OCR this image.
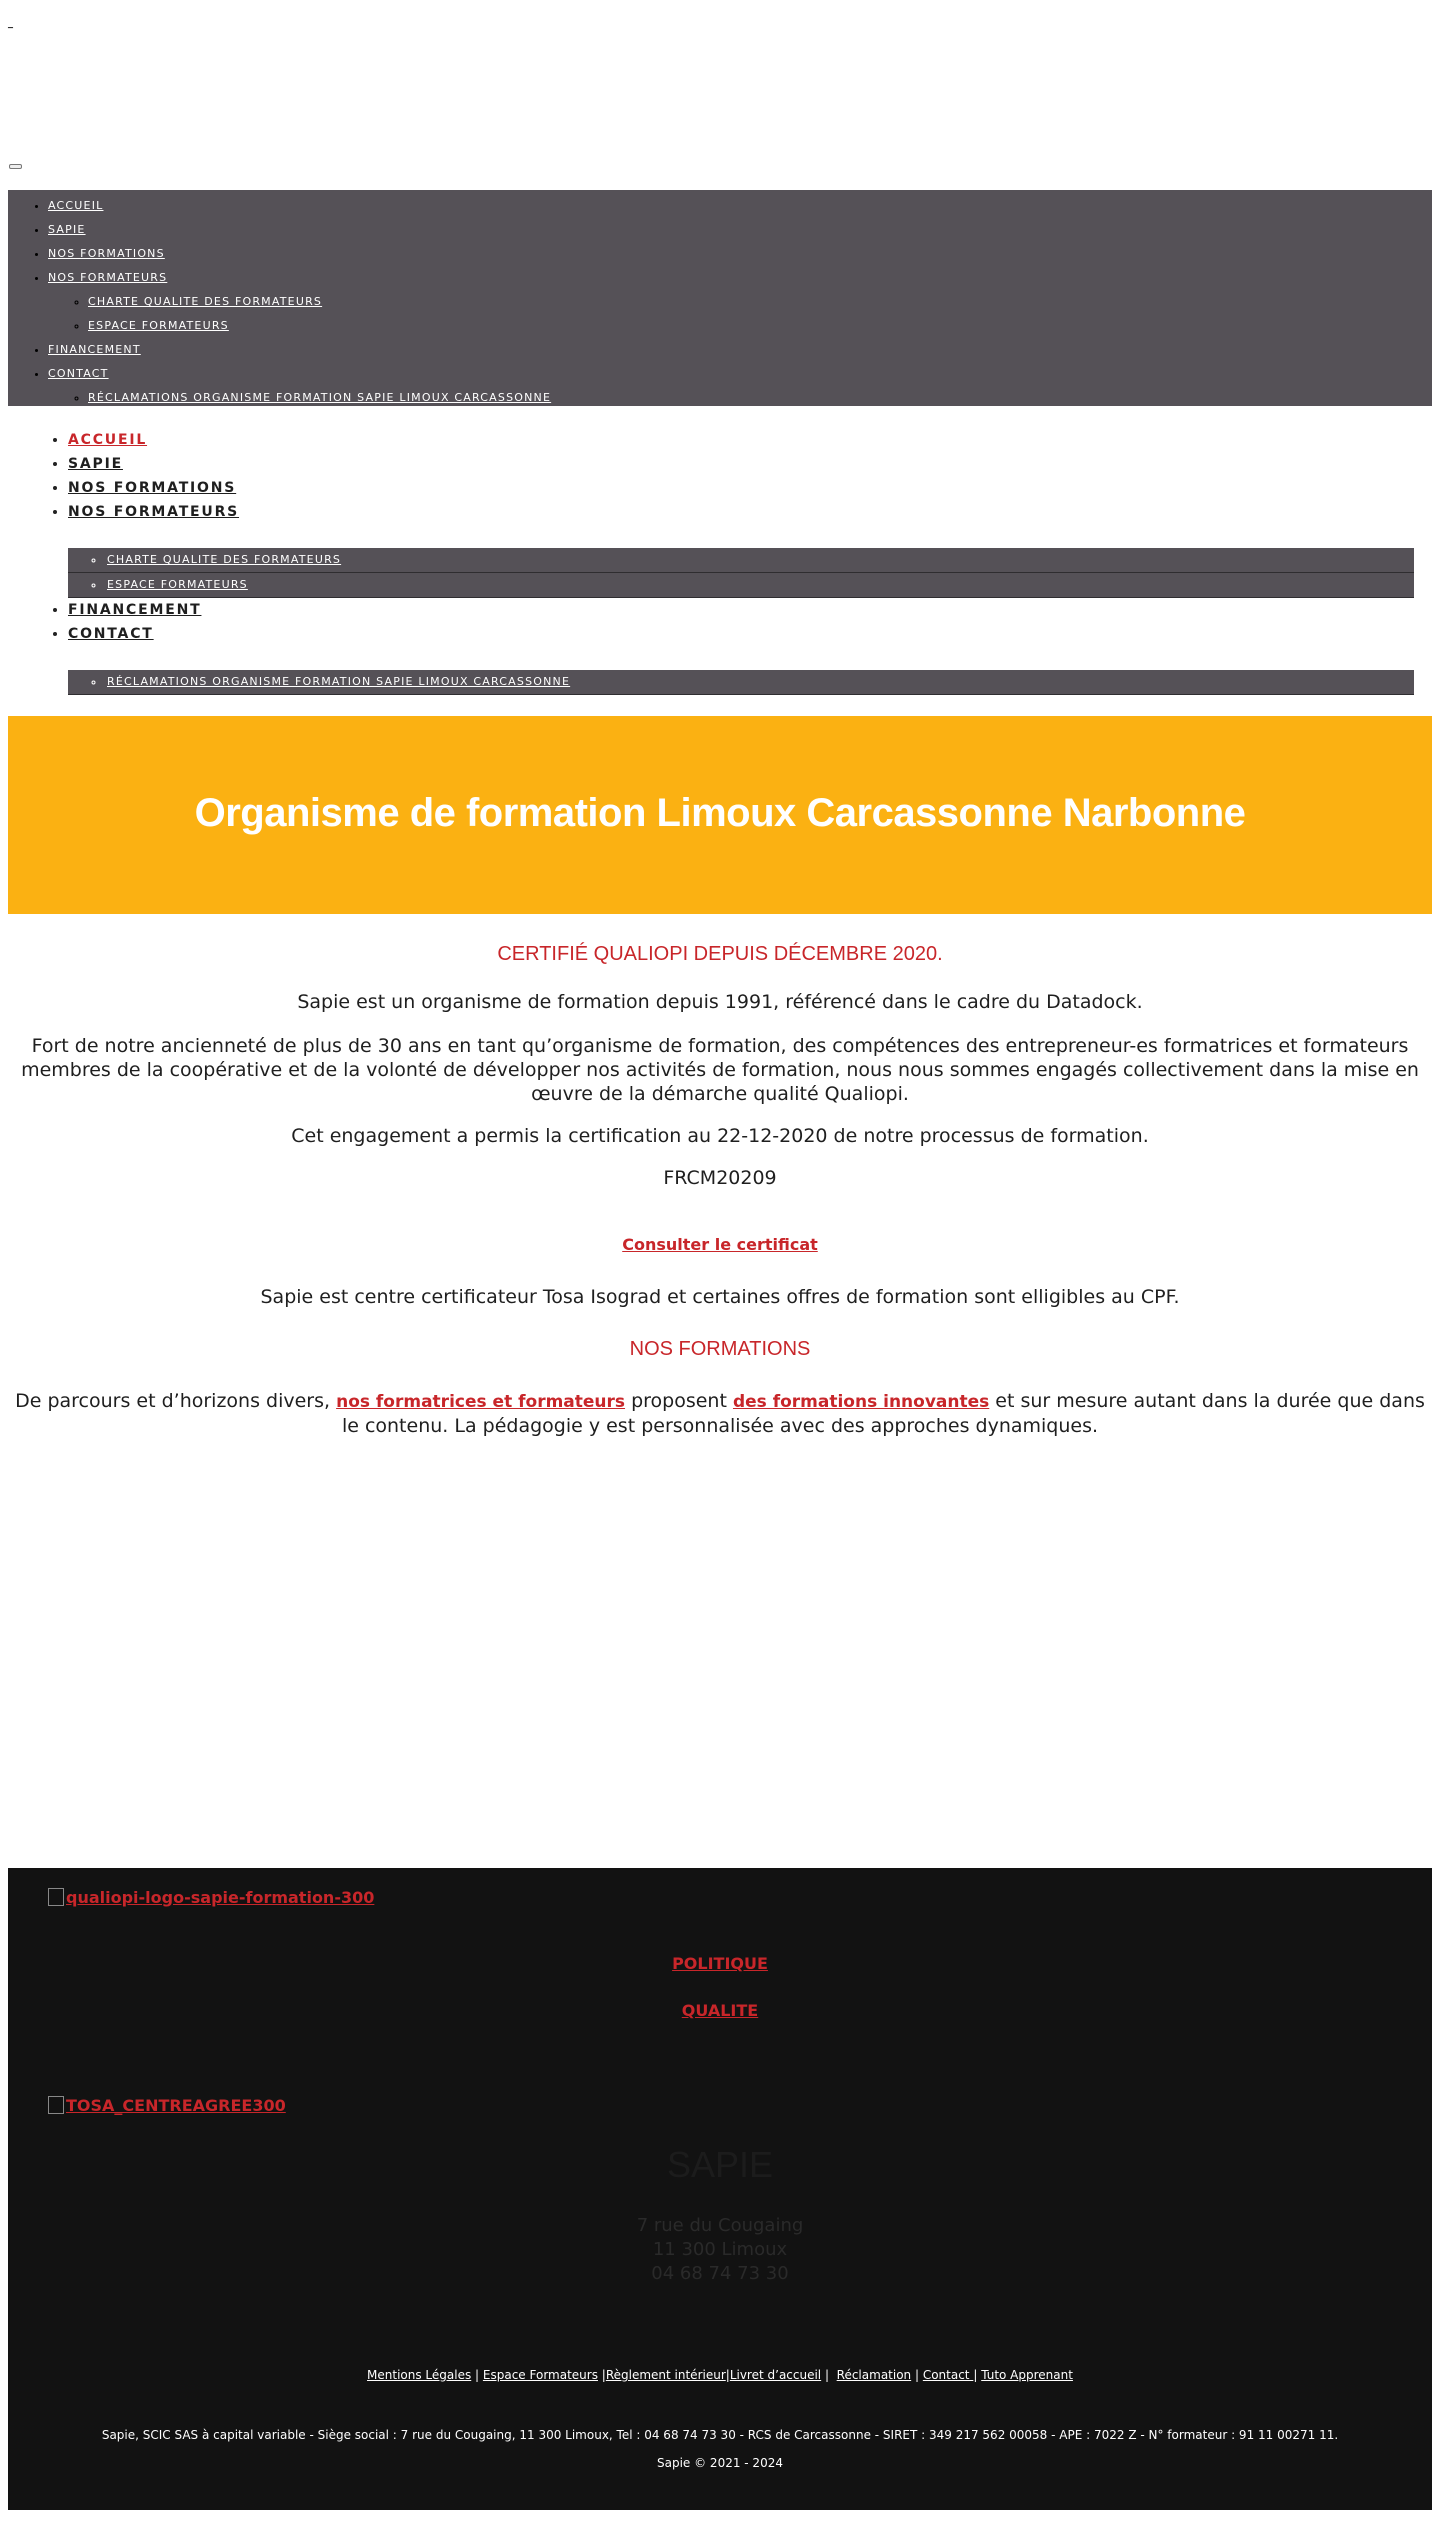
_
• ACCUEIL
• SAPIE
• NOS FORMATIONS
• NOS FORMATEURS
◦ CHARTE QUALITE DES FORMATEURS
◦ ESPACE FORMATEURS
• FINANCEMENT
• CONTACT
◦ RÉCLAMATIONS ORGANISME FORMATION SAPIE LIMOUX CARCASSONNE
• ACCUEIL
• SAPIE
• NOS FORMATIONS
• NOS FORMATEURS
◦ CHARTE QUALITE DES FORMATEURS
◦ ESPACE FORMATEURS
• FINANCEMENT
• CONTACT
◦ RÉCLAMATIONS ORGANISME FORMATION SAPIE LIMOUX CARCASSONNE
Organisme de formation Limoux Carcassonne Narbonne

CERTIFIÉ QUALIOPI DEPUIS DÉCEMBRE 2020.

Sapie est un organisme de formation depuis 1991, référencé dans le cadre du Datadock.

Fort de notre ancienneté de plus de 30 ans en tant qu’organisme de formation, des compétences des entrepreneur-es formatrices et formateurs membres de la coopérative et de la volonté de développer nos activités de formation, nous nous sommes engagés collectivement dans la mise en œuvre de la démarche qualité Qualiopi.

Cet engagement a permis la certification au 22-12-2020 de notre processus de formation.

FRCM20209

Consulter le certificat

Sapie est centre certificateur Tosa Isograd et certaines offres de formation sont elligibles au CPF.

NOS FORMATIONS

De parcours et d’horizons divers, nos formatrices et formateurs proposent des formations innovantes et sur mesure autant dans la durée que dans le contenu. La pédagogie y est personnalisée avec des approches dynamiques.

qualiopi-logo-sapie-formation-300
POLITIQUE
QUALITE
TOSA_CENTREAGREE300
SAPIE
7 rue du Cougaing
11 300 Limoux
04 68 74 73 30
Mentions Légales | Espace Formateurs |Règlement intérieur|Livret d’accueil |  Réclamation | Contact | Tuto Apprenant
Sapie, SCIC SAS à capital variable - Siège social : 7 rue du Cougaing, 11 300 Limoux, Tel : 04 68 74 73 30 - RCS de Carcassonne - SIRET : 349 217 562 00058 - APE : 7022 Z - N° formateur : 91 11 00271 11.
Sapie © 2021 - 2024
